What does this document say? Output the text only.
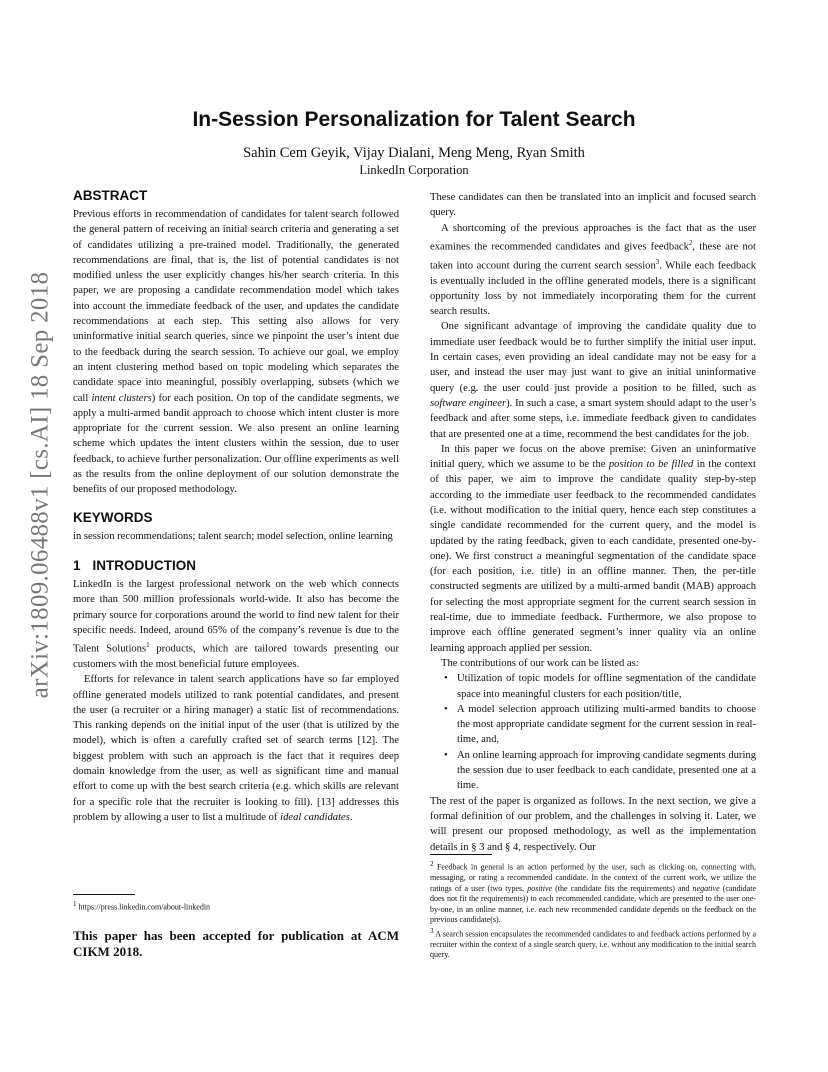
arXiv:1809.06488v1 [cs.AI] 18 Sep 2018
In-Session Personalization for Talent Search
Sahin Cem Geyik, Vijay Dialani, Meng Meng, Ryan Smith
LinkedIn Corporation
ABSTRACT

Previous efforts in recommendation of candidates for talent search followed the general pattern of receiving an initial search criteria and generating a set of candidates utilizing a pre-trained model. Traditionally, the generated recommendations are final, that is, the list of potential candidates is not modified unless the user explicitly changes his/her search criteria. In this paper, we are proposing a candidate recommendation model which takes into account the immediate feedback of the user, and updates the candidate recommendations at each step. This setting also allows for very uninformative initial search queries, since we pinpoint the user’s intent due to the feedback during the search session. To achieve our goal, we employ an intent clustering method based on topic modeling which separates the candidate space into meaningful, possibly overlapping, subsets (which we call intent clusters) for each position. On top of the candidate segments, we apply a multi-armed bandit approach to choose which intent cluster is more appropriate for the current session. We also present an online learning scheme which updates the intent clusters within the session, due to user feedback, to achieve further personalization. Our offline experiments as well as the results from the online deployment of our solution demonstrate the benefits of our proposed methodology.

KEYWORDS

in session recommendations; talent search; model selection, online learning

1 INTRODUCTION

LinkedIn is the largest professional network on the web which connects more than 500 million professionals world-wide. It also has become the primary source for corporations around the world to find new talent for their specific needs. Indeed, around 65% of the company’s revenue is due to the Talent Solutions$^1$ products, which are tailored towards presenting our customers with the most beneficial future employees.

Efforts for relevance in talent search applications have so far employed offline generated models utilized to rank potential candidates, and present the user (a recruiter or a hiring manager) a static list of recommendations. This ranking depends on the initial input of the user (that is utilized by the model), which is often a carefully crafted set of search terms [12]. The biggest problem with such an approach is the fact that it requires deep domain knowledge from the user, as well as significant time and manual effort to come up with the best search criteria (e.g. which skills are relevant for a specific role that the recruiter is looking to fill). [13] addresses this problem by allowing a user to list a multitude of ideal candidates.

$^1$ https://press.linkedin.com/about-linkedin

This paper has been accepted for publication at ACM CIKM 2018.

These candidates can then be translated into an implicit and focused search query.

A shortcoming of the previous approaches is the fact that as the user examines the recommended candidates and gives feedback$^2$, these are not taken into account during the current search session$^3$. While each feedback is eventually included in the offline generated models, there is a significant opportunity loss by not immediately incorporating them for the current search results.

One significant advantage of improving the candidate quality due to immediate user feedback would be to further simplify the initial user input. In certain cases, even providing an ideal candidate may not be easy for a user, and instead the user may just want to give an initial uninformative query (e.g. the user could just provide a position to be filled, such as software engineer). In such a case, a smart system should adapt to the user’s feedback and after some steps, i.e. immediate feedback given to candidates that are presented one at a time, recommend the best candidates for the job.

In this paper we focus on the above premise: Given an uninformative initial query, which we assume to be the position to be filled in the context of this paper, we aim to improve the candidate quality step-by-step according to the immediate user feedback to the recommended candidates (i.e. without modification to the initial query, hence each step constitutes a single candidate recommended for the current query, and the model is updated by the rating feedback, given to each candidate, presented one-by-one). We first construct a meaningful segmentation of the candidate space (for each position, i.e. title) in an offline manner. Then, the per-title constructed segments are utilized by a multi-armed bandit (MAB) approach for selecting the most appropriate segment for the current search session in real-time, due to immediate feedback. Furthermore, we also propose to improve each offline generated segment’s inner quality via an online learning approach applied per session.

The contributions of our work can be listed as:

• Utilization of topic models for offline segmentation of the candidate space into meaningful clusters for each position/title,
• A model selection approach utilizing multi-armed bandits to choose the most appropriate candidate segment for the current session in real-time, and,
• An online learning approach for improving candidate segments during the session due to user feedback to each candidate, presented one at a time.

The rest of the paper is organized as follows. In the next section, we give a formal definition of our problem, and the challenges in solving it. Later, we will present our proposed methodology, as well as the implementation details in § 3 and § 4, respectively. Our

$^2$ Feedback in general is an action performed by the user, such as clicking on, connecting with, messaging, or rating a recommended candidate. In the context of the current work, we utilize the ratings of a user (two types, positive (the candidate fits the requirements) and negative (candidate does not fit the requirements)) to each recommended candidate, which are presented to the user one-by-one, in an online manner, i.e. each new recommended candidate depends on the feedback on the previous candidate(s).

$^3$ A search session encapsulates the recommended candidates to and feedback actions performed by a recruiter within the context of a single search query, i.e. without any modification to the initial search query.
